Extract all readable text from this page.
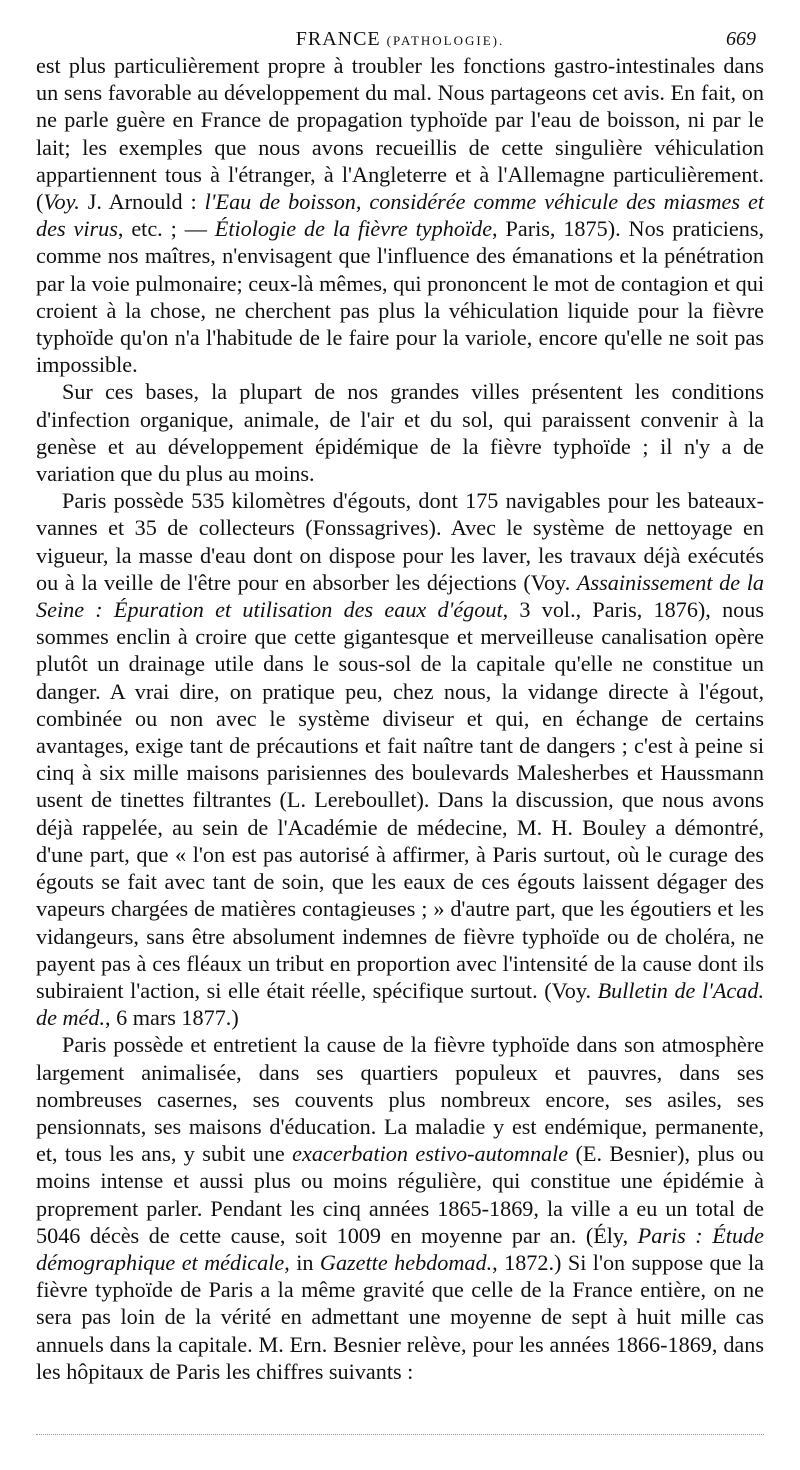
FRANCE (PATHOLOGIE).	669

est plus particulièrement propre à troubler les fonctions gastro-intestinales dans un sens favorable au développement du mal. Nous partageons cet avis. En fait, on ne parle guère en France de propagation typhoïde par l'eau de boisson, ni par le lait; les exemples que nous avons recueillis de cette singulière véhiculation appartiennent tous à l'étranger, à l'Angleterre et à l'Allemagne particulièrement. (Voy. J. Arnould : l'Eau de boisson, considérée comme véhicule des miasmes et des virus, etc. ; — Étiologie de la fièvre typhoïde, Paris, 1875). Nos praticiens, comme nos maîtres, n'envisagent que l'influence des émanations et la pénétration par la voie pulmonaire; ceux-là mêmes, qui prononcent le mot de contagion et qui croient à la chose, ne cherchent pas plus la véhiculation liquide pour la fièvre typhoïde qu'on n'a l'habitude de le faire pour la variole, encore qu'elle ne soit pas impossible.

Sur ces bases, la plupart de nos grandes villes présentent les conditions d'infection organique, animale, de l'air et du sol, qui paraissent convenir à la genèse et au développement épidémique de la fièvre typhoïde ; il n'y a de variation que du plus au moins.

Paris possède 535 kilomètres d'égouts, dont 175 navigables pour les bateaux-vannes et 35 de collecteurs (Fonssagrives). Avec le système de nettoyage en vigueur, la masse d'eau dont on dispose pour les laver, les travaux déjà exécutés ou à la veille de l'être pour en absorber les déjections (Voy. Assainissement de la Seine : Épuration et utilisation des eaux d'égout, 3 vol., Paris, 1876), nous sommes enclin à croire que cette gigantesque et merveilleuse canalisation opère plutôt un drainage utile dans le sous-sol de la capitale qu'elle ne constitue un danger. A vrai dire, on pratique peu, chez nous, la vidange directe à l'égout, combinée ou non avec le système diviseur et qui, en échange de certains avantages, exige tant de précautions et fait naître tant de dangers ; c'est à peine si cinq à six mille maisons parisiennes des boulevards Malesherbes et Haussmann usent de tinettes filtrantes (L. Lereboullet). Dans la discussion, que nous avons déjà rappelée, au sein de l'Académie de médecine, M. H. Bouley a démontré, d'une part, que « l'on est pas autorisé à affirmer, à Paris surtout, où le curage des égouts se fait avec tant de soin, que les eaux de ces égouts laissent dégager des vapeurs chargées de matières contagieuses ; » d'autre part, que les égoutiers et les vidangeurs, sans être absolument indemnes de fièvre typhoïde ou de choléra, ne payent pas à ces fléaux un tribut en proportion avec l'intensité de la cause dont ils subiraient l'action, si elle était réelle, spécifique surtout. (Voy. Bulletin de l'Acad. de méd., 6 mars 1877.)

Paris possède et entretient la cause de la fièvre typhoïde dans son atmosphère largement animalisée, dans ses quartiers populeux et pauvres, dans ses nombreuses casernes, ses couvents plus nombreux encore, ses asiles, ses pensionnats, ses maisons d'éducation. La maladie y est endémique, permanente, et, tous les ans, y subit une exacerbation estivo-automnale (E. Besnier), plus ou moins intense et aussi plus ou moins régulière, qui constitue une épidémie à proprement parler. Pendant les cinq années 1865-1869, la ville a eu un total de 5046 décès de cette cause, soit 1009 en moyenne par an. (Ély, Paris : Étude démographique et médicale, in Gazette hebdomad., 1872.) Si l'on suppose que la fièvre typhoïde de Paris a la même gravité que celle de la France entière, on ne sera pas loin de la vérité en admettant une moyenne de sept à huit mille cas annuels dans la capitale. M. Ern. Besnier relève, pour les années 1866-1869, dans les hôpitaux de Paris les chiffres suivants :
